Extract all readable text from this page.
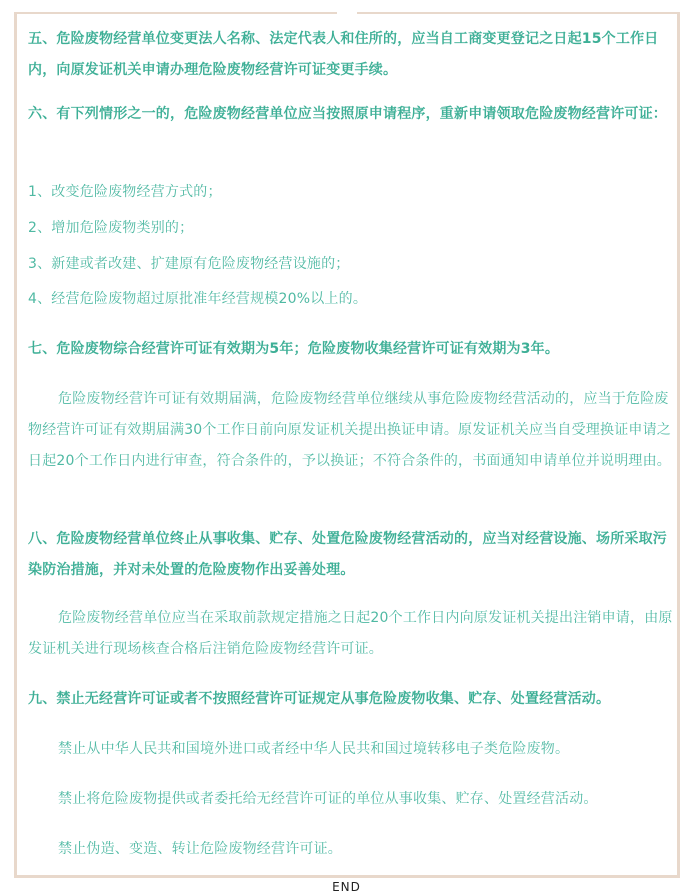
五、危险废物经营单位变更法人名称、法定代表人和住所的，应当自工商变更登记之日起15个工作日内，向原发证机关申请办理危险废物经营许可证变更手续。

六、有下列情形之一的，危险废物经营单位应当按照原申请程序，重新申请领取危险废物经营许可证：

1、改变危险废物经营方式的；

2、增加危险废物类别的；

3、新建或者改建、扩建原有危险废物经营设施的；

4、经营危险废物超过原批准年经营规模20%以上的。

七、危险废物综合经营许可证有效期为5年；危险废物收集经营许可证有效期为3年。

危险废物经营许可证有效期届满，危险废物经营单位继续从事危险废物经营活动的，应当于危险废物经营许可证有效期届满30个工作日前向原发证机关提出换证申请。原发证机关应当自受理换证申请之日起20个工作日内进行审查，符合条件的，予以换证；不符合条件的，书面通知申请单位并说明理由。

八、危险废物经营单位终止从事收集、贮存、处置危险废物经营活动的，应当对经营设施、场所采取污染防治措施，并对未处置的危险废物作出妥善处理。

危险废物经营单位应当在采取前款规定措施之日起20个工作日内向原发证机关提出注销申请，由原发证机关进行现场核查合格后注销危险废物经营许可证。

九、禁止无经营许可证或者不按照经营许可证规定从事危险废物收集、贮存、处置经营活动。

禁止从中华人民共和国境外进口或者经中华人民共和国过境转移电子类危险废物。

禁止将危险废物提供或者委托给无经营许可证的单位从事收集、贮存、处置经营活动。

禁止伪造、变造、转让危险废物经营许可证。

END
